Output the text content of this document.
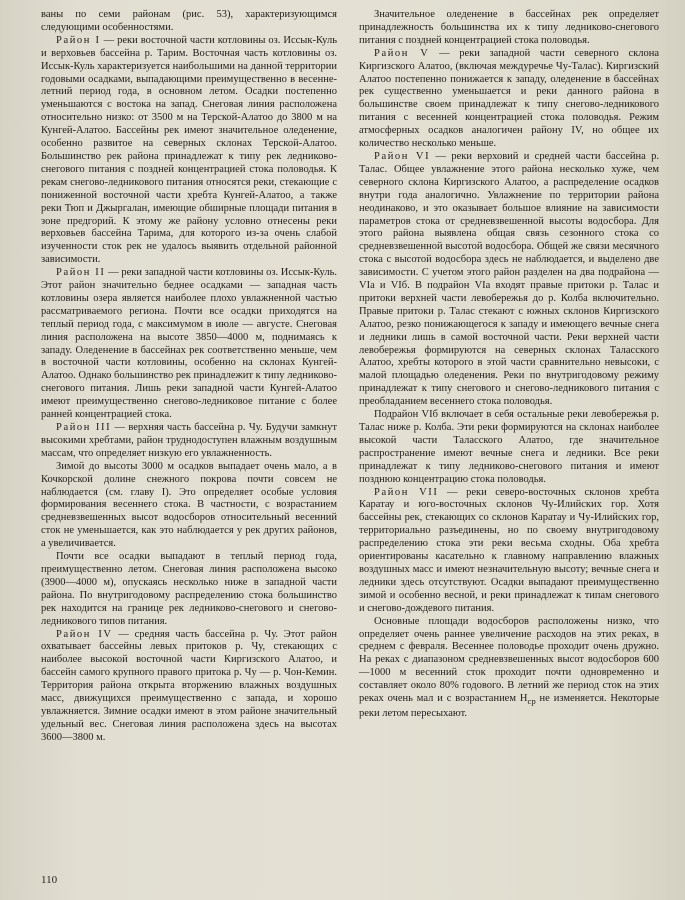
ваны по семи районам (рис. 53), характеризующимся следующими особенностями.

Район I — реки восточной части котловины оз. Иссык-Куль и верховьев бассейна р. Тарим. Восточная часть котловины оз. Иссык-Куль характеризуется наибольшими на данной территории годовыми осадками, выпадающими преимущественно в весенне-летний период года, в основном летом. Осадки постепенно уменьшаются с востока на запад. Снеговая линия расположена относительно низко: от 3500 м на Терской-Алатоо до 3800 м на Кунгей-Алатоо. Бассейны рек имеют значительное оледенение, особенно развитое на северных склонах Терской-Алатоо. Большинство рек района принадлежат к типу рек ледниково-снегового питания с поздней концентрацией стока половодья. К рекам снегово-ледникового питания относятся реки, стекающие с пониженной восточной части хребта Кунгей-Алатоо, а также реки Тюп и Джыргалан, имеющие обширные площади питания в зоне предгорий. К этому же району условно отнесены реки верховьев бассейна Тарима, для которого из-за очень слабой изученности сток рек не удалось выявить отдельной районной зависимости.

Район II — реки западной части котловины оз. Иссык-Куль. Этот район значительно беднее осадками — западная часть котловины озера является наиболее плохо увлажненной частью рассматриваемого региона. Почти все осадки приходятся на теплый период года, с максимумом в июле — августе. Снеговая линия расположена на высоте 3850—4000 м, поднимаясь к западу. Оледенение в бассейнах рек соответственно меньше, чем в восточной части котловины, особенно на склонах Кунгей-Алатоо. Однако большинство рек принадлежит к типу ледниково-снегового питания. Лишь реки западной части Кунгей-Алатоо имеют преимущественно снегово-ледниковое питание с более ранней концентрацией стока.

Район III — верхняя часть бассейна р. Чу. Будучи замкнут высокими хребтами, район труднодоступен влажным воздушным массам, что определяет низкую его увлажненность.

Зимой до высоты 3000 м осадков выпадает очень мало, а в Кочкорской долине снежного покрова почти совсем не наблюдается (см. главу I). Это определяет особые условия формирования весеннего стока. В частности, с возрастанием средневзвешенных высот водосборов относительный весенний сток не уменьшается, как это наблюдается у рек других районов, а увеличивается.

Почти все осадки выпадают в теплый период года, преимущественно летом. Снеговая линия расположена высоко (3900—4000 м), опускаясь несколько ниже в западной части района. По внутригодовому распределению стока большинство рек находится на границе рек ледниково-снегового и снегово-ледникового типов питания.

Район IV — средняя часть бассейна р. Чу. Этот район охватывает бассейны левых притоков р. Чу, стекающих с наиболее высокой восточной части Киргизского Алатоо, и бассейн самого крупного правого притока р. Чу — р. Чон-Кемин. Территория района открыта вторжению влажных воздушных масс, движущихся преимущественно с запада, и хорошо увлажняется. Зимние осадки имеют в этом районе значительный удельный вес. Снеговая линия расположена здесь на высотах 3600—3800 м.

Значительное оледенение в бассейнах рек определяет принадлежность большинства их к типу ледниково-снегового питания с поздней концентрацией стока половодья.

Район V — реки западной части северного склона Киргизского Алатоо, (включая междуречье Чу-Талас). Киргизский Алатоо постепенно понижается к западу, оледенение в бассейнах рек существенно уменьшается и реки данного района в большинстве своем принадлежат к типу снегово-ледникового питания с весенней концентрацией стока половодья. Режим атмосферных осадков аналогичен району IV, но общее их количество несколько меньше.

Район VI — реки верховий и средней части бассейна р. Талас. Общее увлажнение этого района несколько хуже, чем северного склона Киргизского Алатоо, а распределение осадков внутри года аналогично. Увлажнение по территории района неодинаково, и это оказывает большое влияние на зависимости параметров стока от средневзвешенной высоты водосбора. Для этого района выявлена общая связь сезонного стока со средневзвешенной высотой водосбора. Общей же связи месячного стока с высотой водосбора здесь не наблюдается, и выделено две зависимости. С учетом этого район разделен на два подрайона — VIа и VIб. В подрайон VIа входят правые притоки р. Талас и притоки верхней части левобережья до р. Колба включительно. Правые притоки р. Талас стекают с южных склонов Киргизского Алатоо, резко понижающегося к западу и имеющего вечные снега и ледники лишь в самой восточной части. Реки верхней части левобережья формируются на северных склонах Таласского Алатоо, хребты которого в этой части сравнительно невысоки, с малой площадью оледенения. Реки по внутригодовому режиму принадлежат к типу снегового и снегово-ледникового питания с преобладанием весеннего стока половодья.

Подрайон VIб включает в себя остальные реки левобережья р. Талас ниже р. Колба. Эти реки формируются на склонах наиболее высокой части Таласского Алатоо, где значительное распространение имеют вечные снега и ледники. Все реки принадлежат к типу ледниково-снегового питания и имеют позднюю концентрацию стока половодья.

Район VII — реки северо-восточных склонов хребта Каратау и юго-восточных склонов Чу-Илийских гор. Хотя бассейны рек, стекающих со склонов Каратау и Чу-Илийских гор, территориально разъединены, но по своему внутригодовому распределению стока эти реки весьма сходны. Оба хребта ориентированы касательно к главному направлению влажных воздушных масс и имеют незначительную высоту; вечные снега и ледники здесь отсутствуют. Осадки выпадают преимущественно зимой и особенно весной, и реки принадлежат к типам снегового и снегово-дождевого питания.

Основные площади водосборов расположены низко, что определяет очень раннее увеличение расходов на этих реках, в среднем с февраля. Весеннее половодье проходит очень дружно. На реках с диапазоном средневзвешенных высот водосборов 600—1000 м весенний сток проходит почти одновременно и составляет около 80% годового. В летний же период сток на этих реках очень мал и с возрастанием $H_{ср}$ не изменяется. Некоторые реки летом пересыхают.

110
